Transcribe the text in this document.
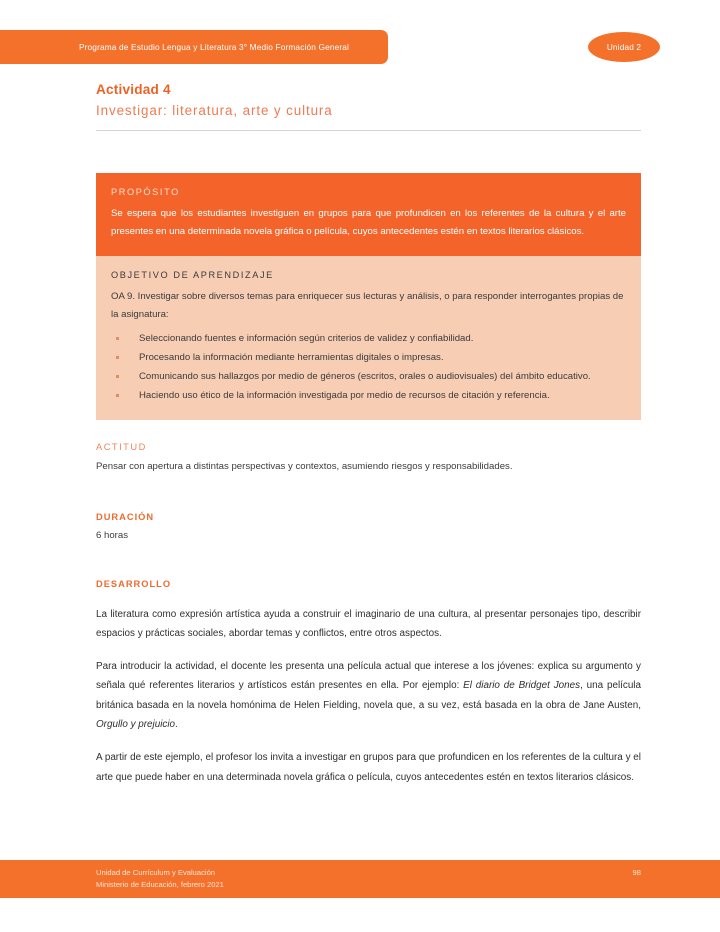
Programa de Estudio Lengua y Literatura 3° Medio Formación General	Unidad 2
Actividad 4
Investigar: literatura, arte y cultura
PROPÓSITO

Se espera que los estudiantes investiguen en grupos para que profundicen en los referentes de la cultura y el arte presentes en una determinada novela gráfica o película, cuyos antecedentes estén en textos literarios clásicos.

OBJETIVO DE APRENDIZAJE

OA 9. Investigar sobre diversos temas para enriquecer sus lecturas y análisis, o para responder interrogantes propias de la asignatura:

Seleccionando fuentes e información según criterios de validez y confiabilidad.
Procesando la información mediante herramientas digitales o impresas.
Comunicando sus hallazgos por medio de géneros (escritos, orales o audiovisuales) del ámbito educativo.
Haciendo uso ético de la información investigada por medio de recursos de citación y referencia.
ACTITUD

Pensar con apertura a distintas perspectivas y contextos, asumiendo riesgos y responsabilidades.

DURACIÓN

6 horas

DESARROLLO

La literatura como expresión artística ayuda a construir el imaginario de una cultura, al presentar personajes tipo, describir espacios y prácticas sociales, abordar temas y conflictos, entre otros aspectos.

Para introducir la actividad, el docente les presenta una película actual que interese a los jóvenes: explica su argumento y señala qué referentes literarios y artísticos están presentes en ella. Por ejemplo: El diario de Bridget Jones, una película británica basada en la novela homónima de Helen Fielding, novela que, a su vez, está basada en la obra de Jane Austen, Orgullo y prejuicio.

A partir de este ejemplo, el profesor los invita a investigar en grupos para que profundicen en los referentes de la cultura y el arte que puede haber en una determinada novela gráfica o película, cuyos antecedentes estén en textos literarios clásicos.

Unidad de Currículum y Evaluación
Ministerio de Educación, febrero 2021
98
